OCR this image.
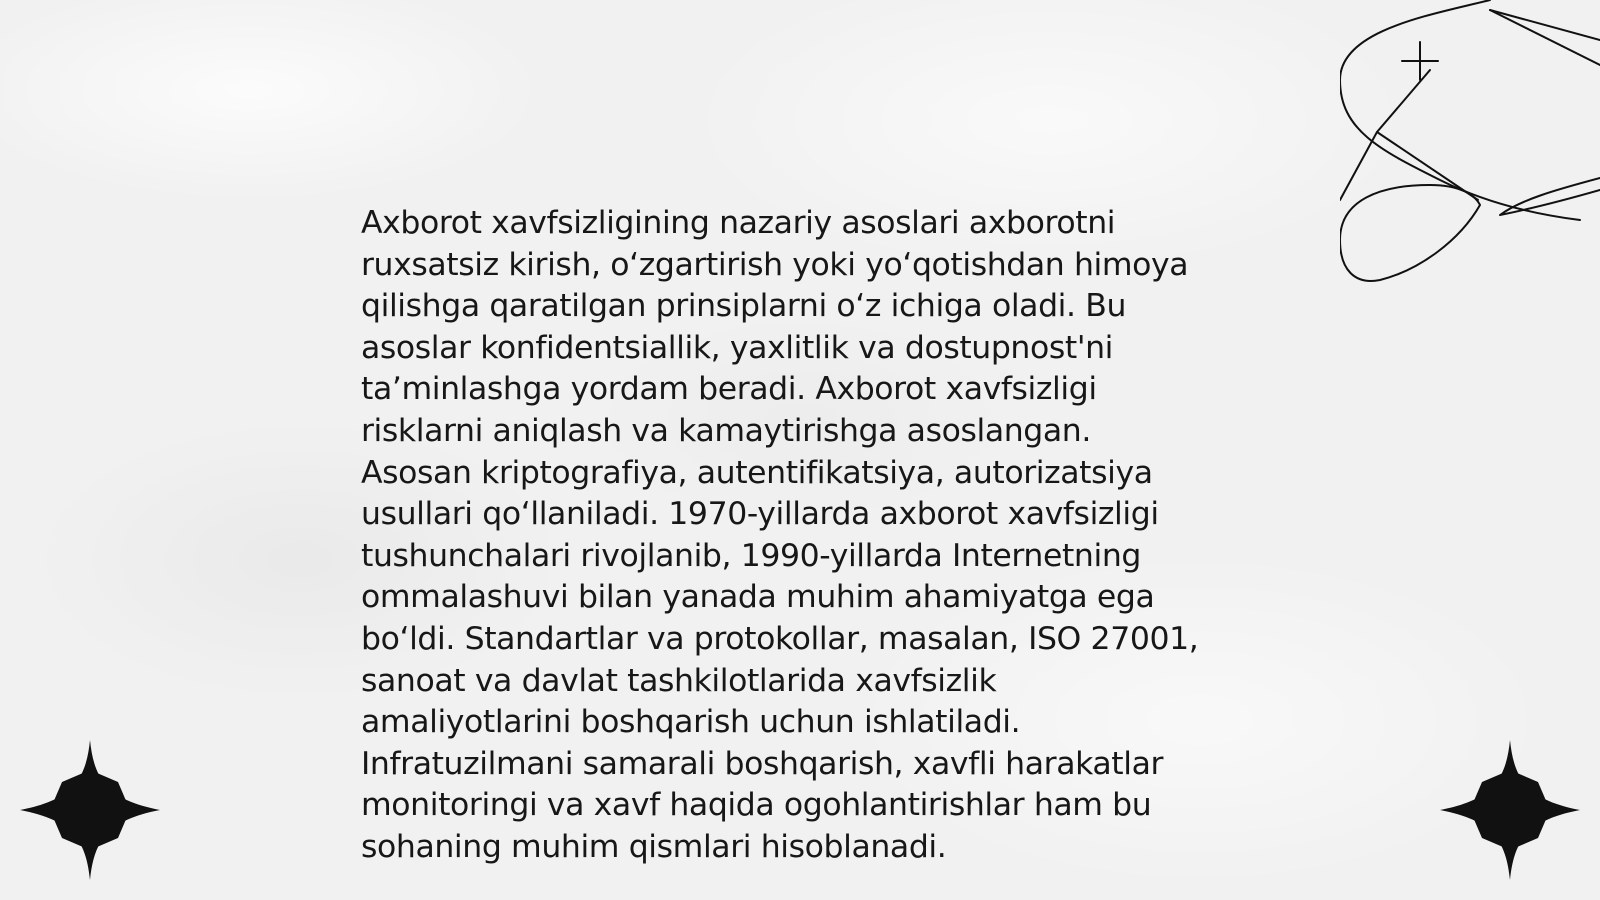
Axborot xavfsizligining nazariy asoslari axborotni
ruxsatsiz kirish, o‘zgartirish yoki yo‘qotishdan himoya
qilishga qaratilgan prinsiplarni o‘z ichiga oladi. Bu
asoslar konfidentsiallik, yaxlitlik va dostupnost'ni
ta’minlashga yordam beradi. Axborot xavfsizligi
risklarni aniqlash va kamaytirishga asoslangan.
Asosan kriptografiya, autentifikatsiya, autorizatsiya
usullari qo‘llaniladi. 1970-yillarda axborot xavfsizligi
tushunchalari rivojlanib, 1990-yillarda Internetning
ommalashuvi bilan yanada muhim ahamiyatga ega
bo‘ldi. Standartlar va protokollar, masalan, ISO 27001,
sanoat va davlat tashkilotlarida xavfsizlik
amaliyotlarini boshqarish uchun ishlatiladi.
Infratuzilmani samarali boshqarish, xavfli harakatlar
monitoringi va xavf haqida ogohlantirishlar ham bu
sohaning muhim qismlari hisoblanadi.
